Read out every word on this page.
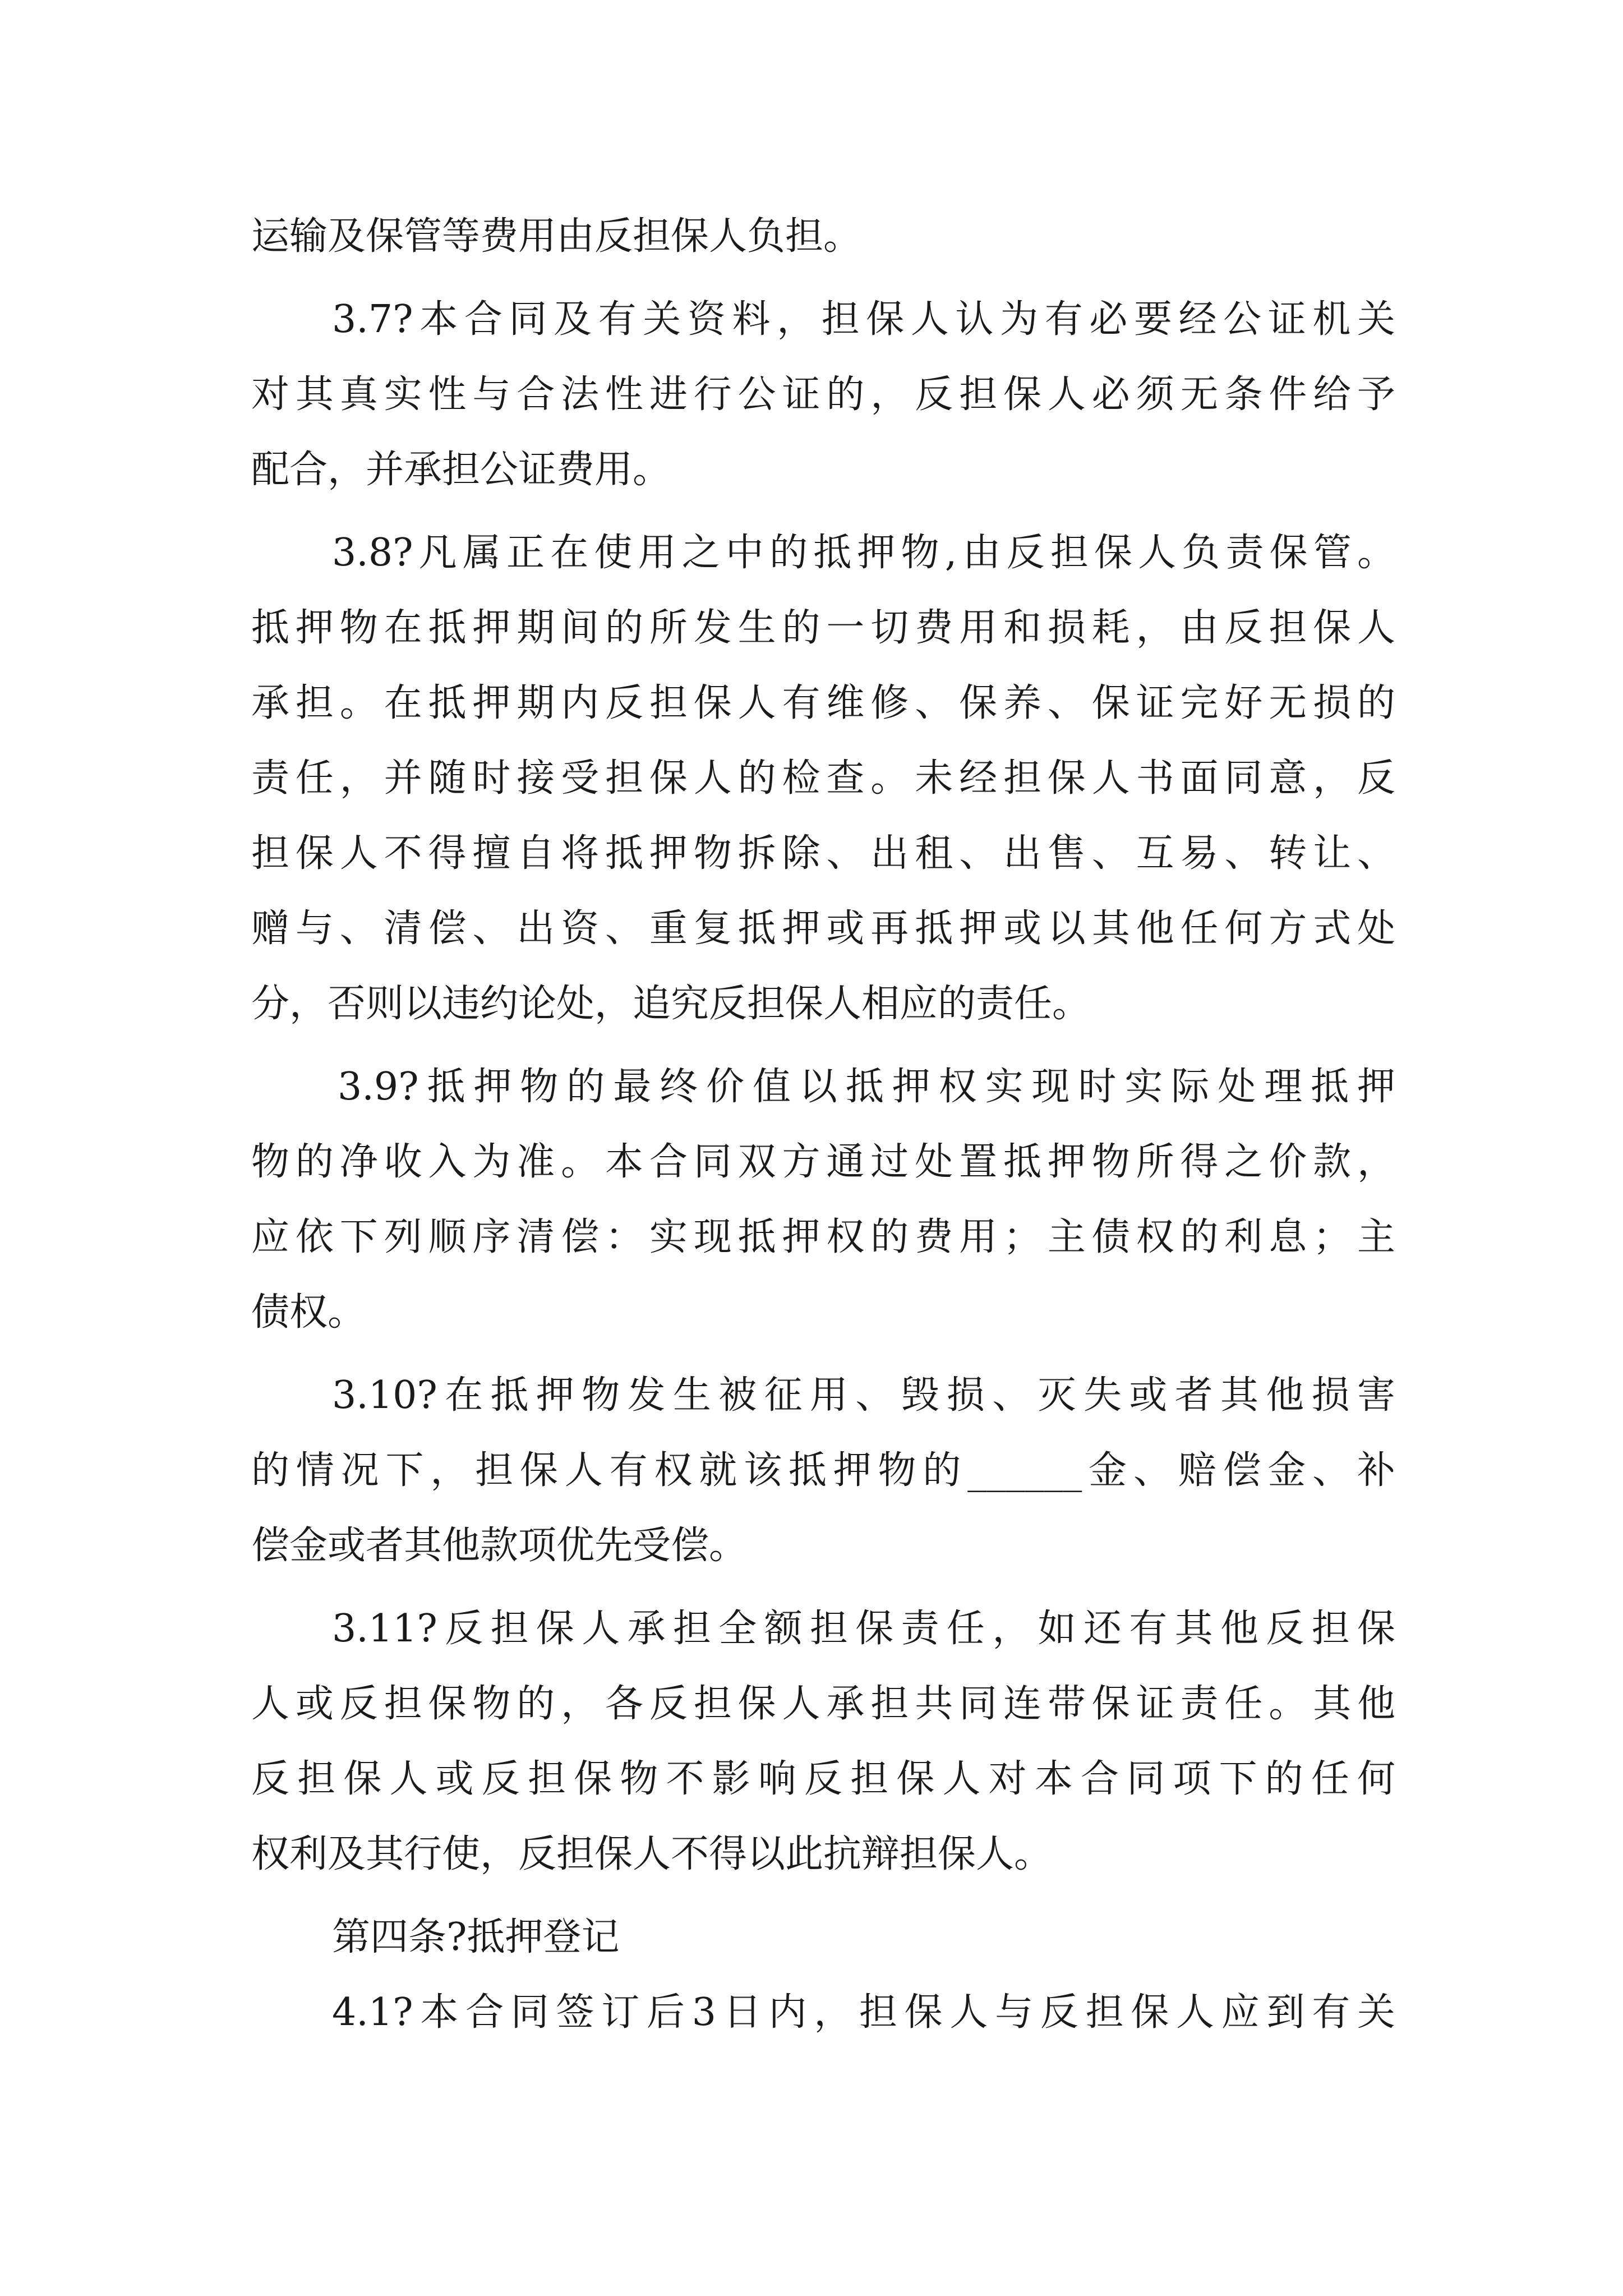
运输及保管等费用由反担保人负担。
3.7?本合同及有关资料，担保人认为有必要经公证机关
对其真实性与合法性进行公证的，反担保人必须无条件给予
配合，并承担公证费用。
3.8?凡属正在使用之中的抵押物,由反担保人负责保管。
抵押物在抵押期间的所发生的一切费用和损耗，由反担保人
承担。在抵押期内反担保人有维修、保养、保证完好无损的
责任，并随时接受担保人的检查。未经担保人书面同意，反
担保人不得擅自将抵押物拆除、出租、出售、互易、转让、
赠与、清偿、出资、重复抵押或再抵押或以其他任何方式处
分，否则以违约论处，追究反担保人相应的责任。
3.9?抵押物的最终价值以抵押权实现时实际处理抵押
物的净收入为准。本合同双方通过处置抵押物所得之价款，
应依下列顺序清偿：实现抵押权的费用；主债权的利息；主
债权。
3.10?在抵押物发生被征用、毁损、灭失或者其他损害
的情况下，担保人有权就该抵押物的______金、赔偿金、补
偿金或者其他款项优先受偿。
3.11?反担保人承担全额担保责任，如还有其他反担保
人或反担保物的，各反担保人承担共同连带保证责任。其他
反担保人或反担保物不影响反担保人对本合同项下的任何
权利及其行使，反担保人不得以此抗辩担保人。
第四条?抵押登记
4.1?本合同签订后3日内，担保人与反担保人应到有关
